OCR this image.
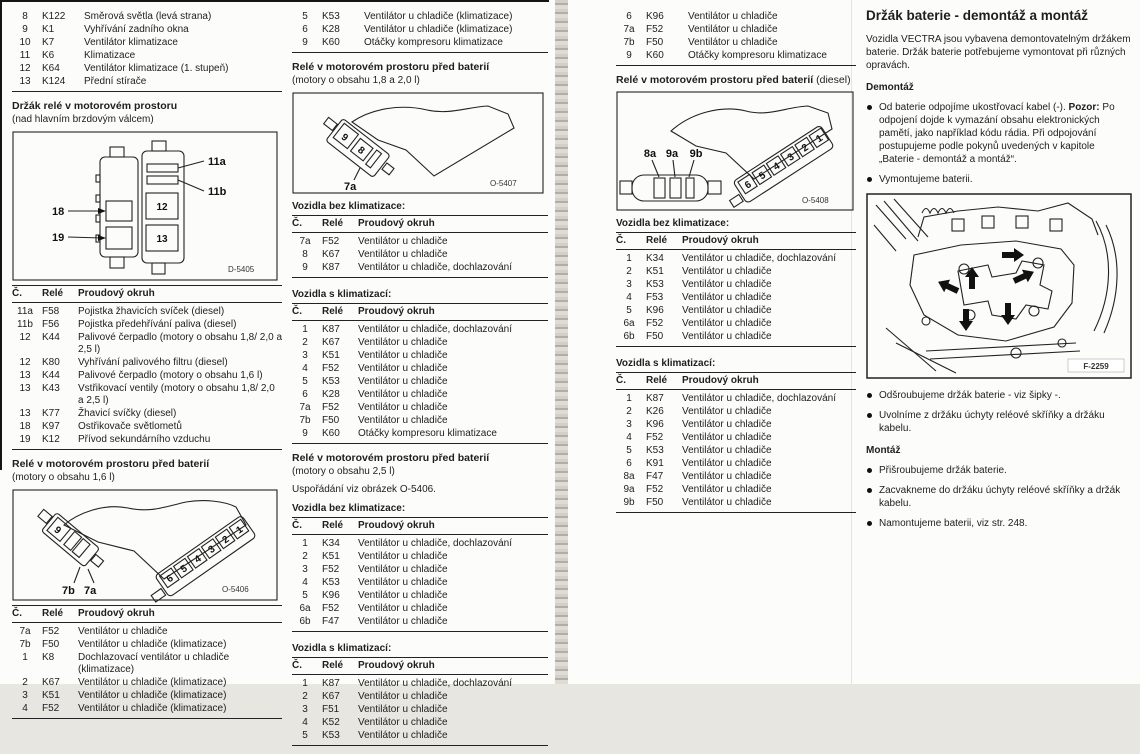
8	K122	Směrová světla (levá strana)
9	K1	Vyhřívání zadního okna
10	K7	Ventilátor klimatizace
11	K6	Klimatizace
12	K64	Ventilátor klimatizace (1. stupeň)
13	K124	Přední stírače
Držák relé v motorovém prostoru
(nad hlavním brzdovým válcem)
11a
11b
12
13
18
19
D-5405
Č.	Relé	Proudový okruh
11a	F58	Pojistka žhavicích svíček (diesel)
11b	F56	Pojistka předehřívání paliva (diesel)
12	K44	Palivové čerpadlo (motory o obsahu 1,8/ 2,0 a 2,5 l)
12	K80	Vyhřívání palivového filtru (diesel)
13	K44	Palivové čerpadlo (motory o obsahu 1,6 l)
13	K43	Vstřikovací ventily (motory o obsahu 1,8/ 2,0 a 2,5 l)
13	K77	Žhavicí svíčky (diesel)
18	K97	Ostřikovače světlometů
19	K12	Přívod sekundárního vzduchu
Relé v motorovém prostoru před baterií
(motory o obsahu 1,6 l)
9
7b 7a
6
5
4
3
2
1
O-5406
Č.	Relé	Proudový okruh
7a	F52	Ventilátor u chladiče
7b	F50	Ventilátor u chladiče (klimatizace)
1	K8	Dochlazovací ventilátor u chladiče (klimatizace)
2	K67	Ventilátor u chladiče (klimatizace)
3	K51	Ventilátor u chladiče (klimatizace)
4	F52	Ventilátor u chladiče (klimatizace)
5	K53	Ventilátor u chladiče (klimatizace)
6	K28	Ventilátor u chladiče (klimatizace)
9	K60	Otáčky kompresoru klimatizace
Relé v motorovém prostoru před baterií
(motory o obsahu 1,8 a 2,0 l)
9
8
7a	O-5407
Vozidla bez klimatizace:
Č.	Relé	Proudový okruh
7a	F52	Ventilátor u chladiče
8	K67	Ventilátor u chladiče
9	K87	Ventilátor u chladiče, dochlazování
Vozidla s klimatizací:
Č.	Relé	Proudový okruh
1	K87	Ventilátor u chladiče, dochlazování
2	K67	Ventilátor u chladiče
3	K51	Ventilátor u chladiče
4	F52	Ventilátor u chladiče
5	K53	Ventilátor u chladiče
6	K28	Ventilátor u chladiče
7a	F52	Ventilátor u chladiče
7b	F50	Ventilátor u chladiče
9	K60	Otáčky kompresoru klimatizace
Relé v motorovém prostoru před baterií
(motory o obsahu 2,5 l)
Uspořádání viz obrázek O-5406.
Vozidla bez klimatizace:
Č.	Relé	Proudový okruh
1	K34	Ventilátor u chladiče, dochlazování
2	K51	Ventilátor u chladiče
3	F52	Ventilátor u chladiče
4	K53	Ventilátor u chladiče
5	K96	Ventilátor u chladiče
6a	F52	Ventilátor u chladiče
6b	F47	Ventilátor u chladiče
Vozidla s klimatizací:
Č.	Relé	Proudový okruh
1	K87	Ventilátor u chladiče, dochlazování
2	K67	Ventilátor u chladiče
3	F51	Ventilátor u chladiče
4	K52	Ventilátor u chladiče
5	K53	Ventilátor u chladiče
6	K96	Ventilátor u chladiče
7a	F52	Ventilátor u chladiče
7b	F50	Ventilátor u chladiče
9	K60	Otáčky kompresoru klimatizace
Relé v motorovém prostoru před baterií (diesel)
8a 9a 9b
6
5
4
3
2
1
O-5408
Vozidla bez klimatizace:
Č.	Relé	Proudový okruh
1	K34	Ventilátor u chladiče, dochlazování
2	K51	Ventilátor u chladiče
3	K53	Ventilátor u chladiče
4	F53	Ventilátor u chladiče
5	K96	Ventilátor u chladiče
6a	F52	Ventilátor u chladiče
6b	F50	Ventilátor u chladiče
Vozidla s klimatizací:
Č.	Relé	Proudový okruh
1	K87	Ventilátor u chladiče, dochlazování
2	K26	Ventilátor u chladiče
3	K96	Ventilátor u chladiče
4	F52	Ventilátor u chladiče
5	K53	Ventilátor u chladiče
6	K91	Ventilátor u chladiče
8a	F47	Ventilátor u chladiče
9a	F52	Ventilátor u chladiče
9b	F50	Ventilátor u chladiče
Držák baterie - demontáž a montáž
Vozidla VECTRA jsou vybavena demontovatelným držákem baterie. Držák baterie potřebujeme vymontovat při různých opravách.
Demontáž
Od baterie odpojíme ukostřovací kabel (-). Pozor: Po odpojení dojde k vymazání obsahu elektronických pamětí, jako například kódu rádia. Při odpojování postupujeme podle pokynů uvedených v kapitole „Baterie - demontáž a montáž“.
Vymontujeme baterii.
F-2259
Odšroubujeme držák baterie - viz šipky -.
Uvolníme z držáku úchyty reléové skříňky a držáku kabelu.
Montáž
Přišroubujeme držák baterie.
Zacvakneme do držáku úchyty reléové skříňky a držák kabelu.
Namontujeme baterii, viz str. 248.
